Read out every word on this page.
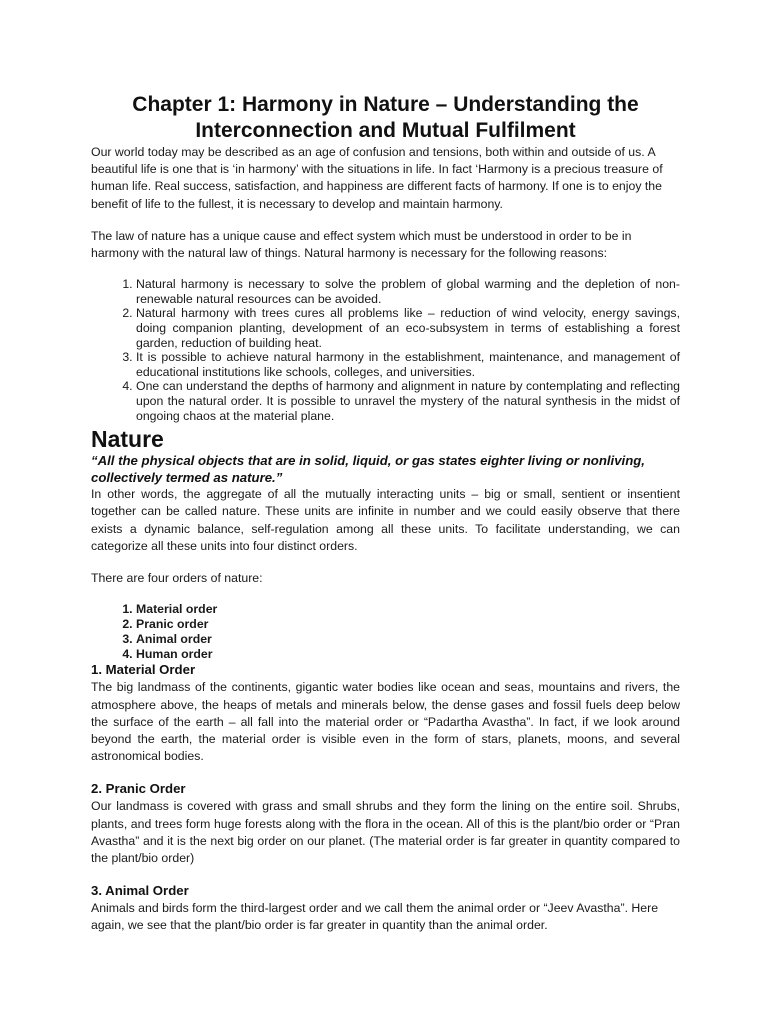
Chapter 1: Harmony in Nature – Understanding the Interconnection and Mutual Fulfilment

Our world today may be described as an age of confusion and tensions, both within and outside of us. A beautiful life is one that is ‘in harmony’ with the situations in life. In fact ‘Harmony is a precious treasure of human life. Real success, satisfaction, and happiness are different facts of harmony. If one is to enjoy the benefit of life to the fullest, it is necessary to develop and maintain harmony.

The law of nature has a unique cause and effect system which must be understood in order to be in harmony with the natural law of things. Natural harmony is necessary for the following reasons:

1. Natural harmony is necessary to solve the problem of global warming and the depletion of non-renewable natural resources can be avoided.
2. Natural harmony with trees cures all problems like – reduction of wind velocity, energy savings, doing companion planting, development of an eco-subsystem in terms of establishing a forest garden, reduction of building heat.
3. It is possible to achieve natural harmony in the establishment, maintenance, and management of educational institutions like schools, colleges, and universities.
4. One can understand the depths of harmony and alignment in nature by contemplating and reflecting upon the natural order. It is possible to unravel the mystery of the natural synthesis in the midst of ongoing chaos at the material plane.
Nature

“All the physical objects that are in solid, liquid, or gas states eighter living or nonliving, collectively termed as nature.”

In other words, the aggregate of all the mutually interacting units – big or small, sentient or insentient together can be called nature. These units are infinite in number and we could easily observe that there exists a dynamic balance, self-regulation among all these units. To facilitate understanding, we can categorize all these units into four distinct orders.

There are four orders of nature:

1. Material order
2. Pranic order
3. Animal order
4. Human order
1. Material Order

The big landmass of the continents, gigantic water bodies like ocean and seas, mountains and rivers, the atmosphere above, the heaps of metals and minerals below, the dense gases and fossil fuels deep below the surface of the earth – all fall into the material order or “Padartha Avastha”. In fact, if we look around beyond the earth, the material order is visible even in the form of stars, planets, moons, and several astronomical bodies.

2. Pranic Order

Our landmass is covered with grass and small shrubs and they form the lining on the entire soil. Shrubs, plants, and trees form huge forests along with the flora in the ocean. All of this is the plant/bio order or “Pran Avastha” and it is the next big order on our planet. (The material order is far greater in quantity compared to the plant/bio order)

3. Animal Order

Animals and birds form the third-largest order and we call them the animal order or “Jeev Avastha”. Here again, we see that the plant/bio order is far greater in quantity than the animal order.
